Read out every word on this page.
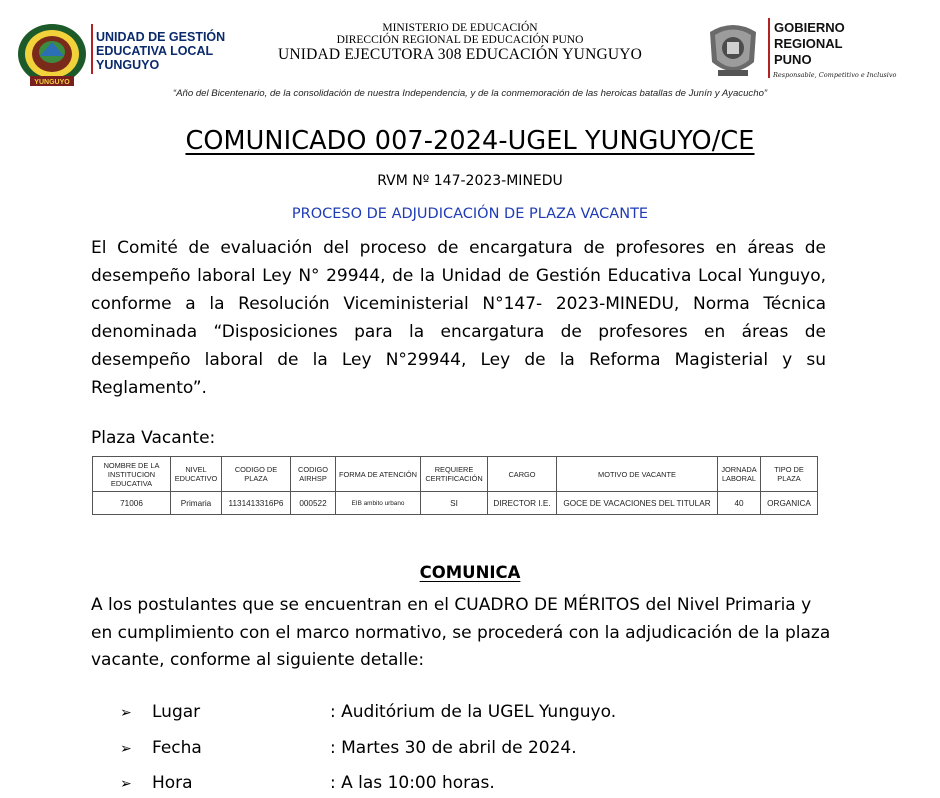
YUNGUYO
UNIDAD DE GESTIÓN
EDUCATIVA LOCAL
YUNGUYO
MINISTERIO DE EDUCACIÓN
DIRECCIÓN REGIONAL DE EDUCACIÓN PUNO
UNIDAD EJECUTORA 308 EDUCACIÓN YUNGUYO
GOBIERNO
REGIONAL
PUNO
Responsable, Competitivo e Inclusivo
“Año del Bicentenario, de la consolidación de nuestra Independencia, y de la conmemoración de las heroicas batallas de Junín y Ayacucho”
COMUNICADO 007-2024-UGEL YUNGUYO/CE
RVM Nº 147-2023-MINEDU
PROCESO DE ADJUDICACIÓN DE PLAZA VACANTE
El Comité de evaluación del proceso de encargatura de profesores en áreas de desempeño laboral Ley N° 29944, de la Unidad de Gestión Educativa Local Yunguyo, conforme a la Resolución Viceministerial N°147- 2023-MINEDU, Norma Técnica denominada “Disposiciones para la encargatura de profesores en áreas de desempeño laboral de la Ley N°29944, Ley de la Reforma Magisterial y su Reglamento”.
Plaza Vacante:
NOMBRE DE LA INSTITUCION EDUCATIVA	NIVEL EDUCATIVO	CODIGO DE PLAZA	CODIGO AIRHSP	FORMA DE ATENCIÓN	REQUIERE CERTIFICACIÓN	CARGO	MOTIVO DE VACANTE	JORNADA LABORAL	TIPO DE PLAZA
71006	Primaria	1131413316P6	000522	EIB ambito urbano	SI	DIRECTOR I.E.	GOCE DE VACACIONES DEL TITULAR	40	ORGANICA
COMUNICA
A los postulantes que se encuentran en el CUADRO DE MÉRITOS del Nivel Primaria y en cumplimiento con el marco normativo, se procederá con la adjudicación de la plaza vacante, conforme al siguiente detalle:
➢ Lugar	: Auditórium de la UGEL Yunguyo.
➢ Fecha	: Martes 30 de abril de 2024.
➢ Hora	: A las 10:00 horas.
